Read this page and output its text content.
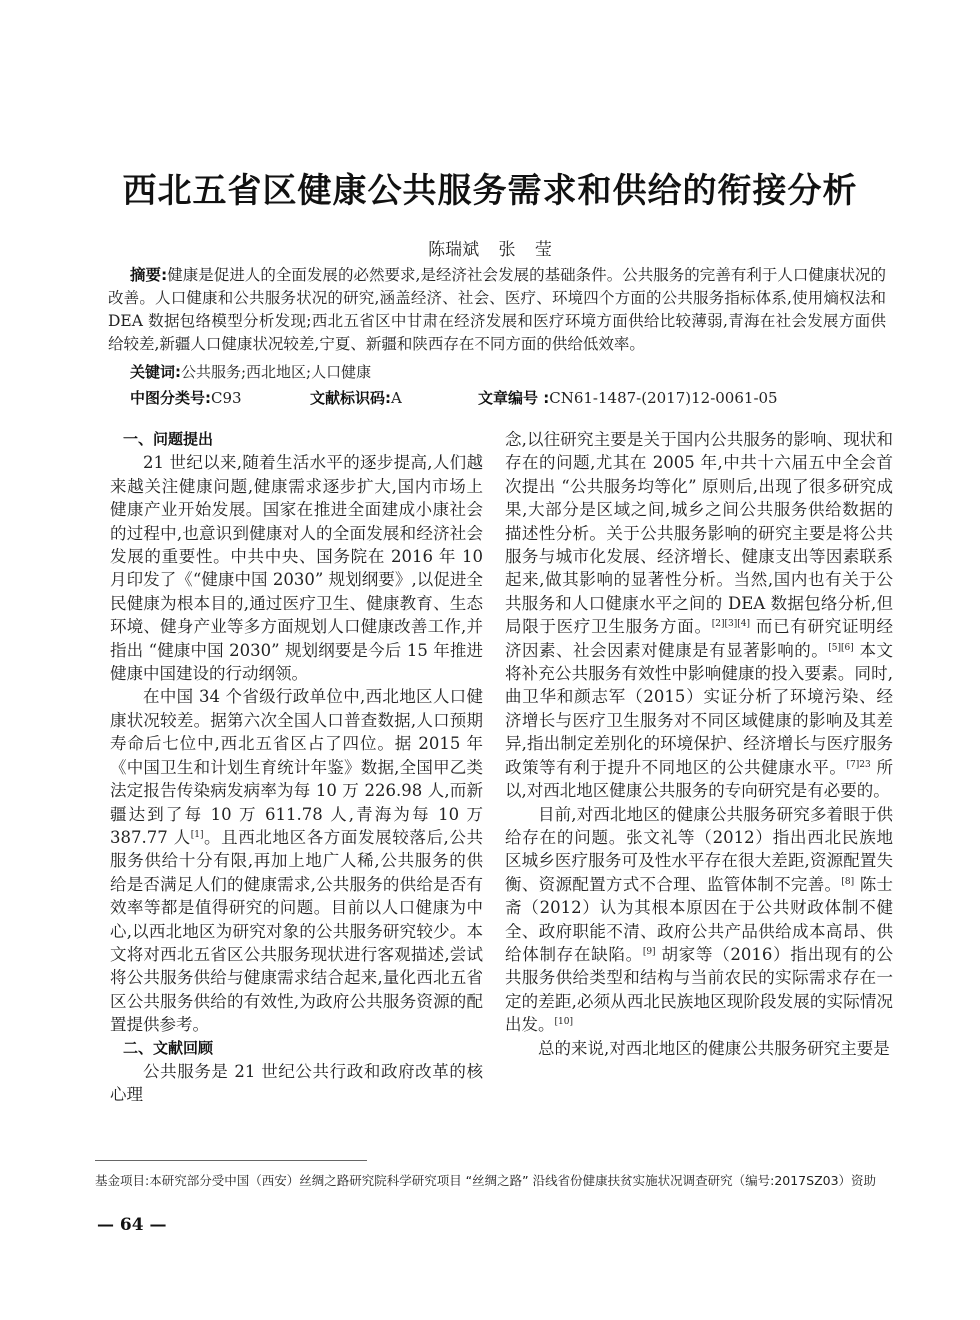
西北五省区健康公共服务需求和供给的衔接分析
陈瑞斌 张 莹

摘要:健康是促进人的全面发展的必然要求,是经济社会发展的基础条件。公共服务的完善有利于人口健康状况的改善。人口健康和公共服务状况的研究,涵盖经济、社会、医疗、环境四个方面的公共服务指标体系,使用熵权法和 DEA 数据包络模型分析发现;西北五省区中甘肃在经济发展和医疗环境方面供给比较薄弱,青海在社会发展方面供给较差,新疆人口健康状况较差,宁夏、新疆和陕西存在不同方面的供给低效率。

关键词:公共服务;西北地区;人口健康
中图分类号:C93	文献标识码:A	文章编号 :CN61-1487-(2017)12-0061-05
一、问题提出

21 世纪以来,随着生活水平的逐步提高,人们越来越关注健康问题,健康需求逐步扩大,国内市场上健康产业开始发展。国家在推进全面建成小康社会的过程中,也意识到健康对人的全面发展和经济社会发展的重要性。中共中央、国务院在 2016 年 10 月印发了《“健康中国 2030” 规划纲要》,以促进全民健康为根本目的,通过医疗卫生、健康教育、生态环境、健身产业等多方面规划人口健康改善工作,并指出 “健康中国 2030” 规划纲要是今后 15 年推进健康中国建设的行动纲领。

在中国 34 个省级行政单位中,西北地区人口健康状况较差。据第六次全国人口普查数据,人口预期寿命后七位中,西北五省区占了四位。据 2015 年《中国卫生和计划生育统计年鉴》数据,全国甲乙类法定报告传染病发病率为每 10 万 226.98 人,而新疆达到了每 10 万 611.78 人,青海为每 10 万 387.77 人[1]。且西北地区各方面发展较落后,公共服务供给十分有限,再加上地广人稀,公共服务的供给是否满足人们的健康需求,公共服务的供给是否有效率等都是值得研究的问题。目前以人口健康为中心,以西北地区为研究对象的公共服务研究较少。本文将对西北五省区公共服务现状进行客观描述,尝试将公共服务供给与健康需求结合起来,量化西北五省区公共服务供给的有效性,为政府公共服务资源的配置提供参考。

二、文献回顾

公共服务是 21 世纪公共行政和政府改革的核心理

念,以往研究主要是关于国内公共服务的影响、现状和存在的问题,尤其在 2005 年,中共十六届五中全会首次提出 “公共服务均等化” 原则后,出现了很多研究成果,大部分是区域之间,城乡之间公共服务供给数据的描述性分析。关于公共服务影响的研究主要是将公共服务与城市化发展、经济增长、健康支出等因素联系起来,做其影响的显著性分析。当然,国内也有关于公共服务和人口健康水平之间的 DEA 数据包络分析,但局限于医疗卫生服务方面。[2][3][4] 而已有研究证明经济因素、社会因素对健康是有显著影响的。[5][6] 本文将补充公共服务有效性中影响健康的投入要素。同时,曲卫华和颜志军（2015）实证分析了环境污染、经济增长与医疗卫生服务对不同区域健康的影响及其差异,指出制定差别化的环境保护、经济增长与医疗服务政策等有利于提升不同地区的公共健康水平。$^{[7]23}$ 所以,对西北地区健康公共服务的专向研究是有必要的。

目前,对西北地区的健康公共服务研究多着眼于供给存在的问题。张文礼等（2012）指出西北民族地区城乡医疗服务可及性水平存在很大差距,资源配置失衡、资源配置方式不合理、监管体制不完善。[8] 陈士斋（2012）认为其根本原因在于公共财政体制不健全、政府职能不清、政府公共产品供给成本高昂、供给体制存在缺陷。[9] 胡家等（2016）指出现有的公共服务供给类型和结构与当前农民的实际需求存在一定的差距,必须从西北民族地区现阶段发展的实际情况出发。[10]

总的来说,对西北地区的健康公共服务研究主要是

基金项目:本研究部分受中国（西安）丝绸之路研究院科学研究项目 “丝绸之路” 沿线省份健康扶贫实施状况调查研究（编号:2017SZ03）资助

— 64 —
